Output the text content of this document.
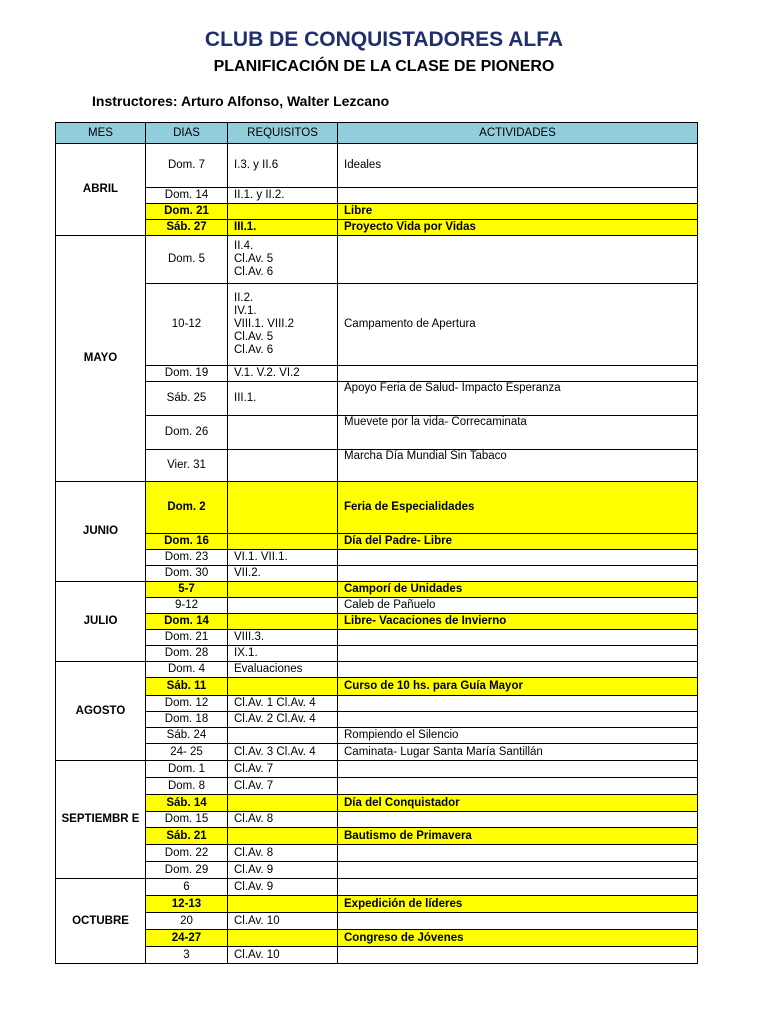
CLUB DE CONQUISTADORES ALFA
PLANIFICACIÓN DE LA CLASE DE PIONERO
Instructores: Arturo Alfonso, Walter Lezcano
MES	DIAS	REQUISITOS	ACTIVIDADES
ABRIL	Dom. 7	I.3. y II.6	Ideales
	Dom. 14	II.1. y II.2.	
	Dom. 21		Libre
	Sáb. 27	III.1.	Proyecto Vida por Vidas
MAYO	Dom. 5	II.4.
Cl.Av. 5
Cl.Av. 6	
	10-12	II.2.
IV.1.
VIII.1. VIII.2
Cl.Av. 5
Cl.Av. 6	Campamento de Apertura
	Dom. 19	V.1. V.2. VI.2	
	Sáb. 25	III.1.	Apoyo Feria de Salud- Impacto Esperanza
	Dom. 26		Muevete por la vida- Correcaminata
	Vier. 31		Marcha Día Mundial Sin Tabaco
JUNIO	Dom. 2		Feria de Especialidades
	Dom. 16		Día del Padre- Libre
	Dom. 23	VI.1. VII.1.	
	Dom. 30	VII.2.	
JULIO	5-7		Camporí de Unidades
	9-12		Caleb de Pañuelo
	Dom. 14		Libre- Vacaciones de Invierno
	Dom. 21	VIII.3.	
	Dom. 28	IX.1.	
AGOSTO	Dom. 4	Evaluaciones	
	Sáb. 11		Curso de 10 hs. para Guía Mayor
	Dom. 12	Cl.Av. 1 Cl.Av. 4	
	Dom. 18	Cl.Av. 2 Cl.Av. 4	
	Sáb. 24		Rompiendo el Silencio
	24- 25	Cl.Av. 3 Cl.Av. 4	Caminata- Lugar Santa María Santillán
SEPTIEMBR E	Dom. 1	Cl.Av. 7	
	Dom. 8	Cl.Av. 7	
	Sáb. 14		Día del Conquistador
	Dom. 15	Cl.Av. 8	
	Sáb. 21		Bautismo de Primavera
	Dom. 22	Cl.Av. 8	
	Dom. 29	Cl.Av. 9	
OCTUBRE	6	Cl.Av. 9	
	12-13		Expedición de líderes
	20	Cl.Av. 10	
	24-27		Congreso de Jóvenes
	3	Cl.Av. 10	
